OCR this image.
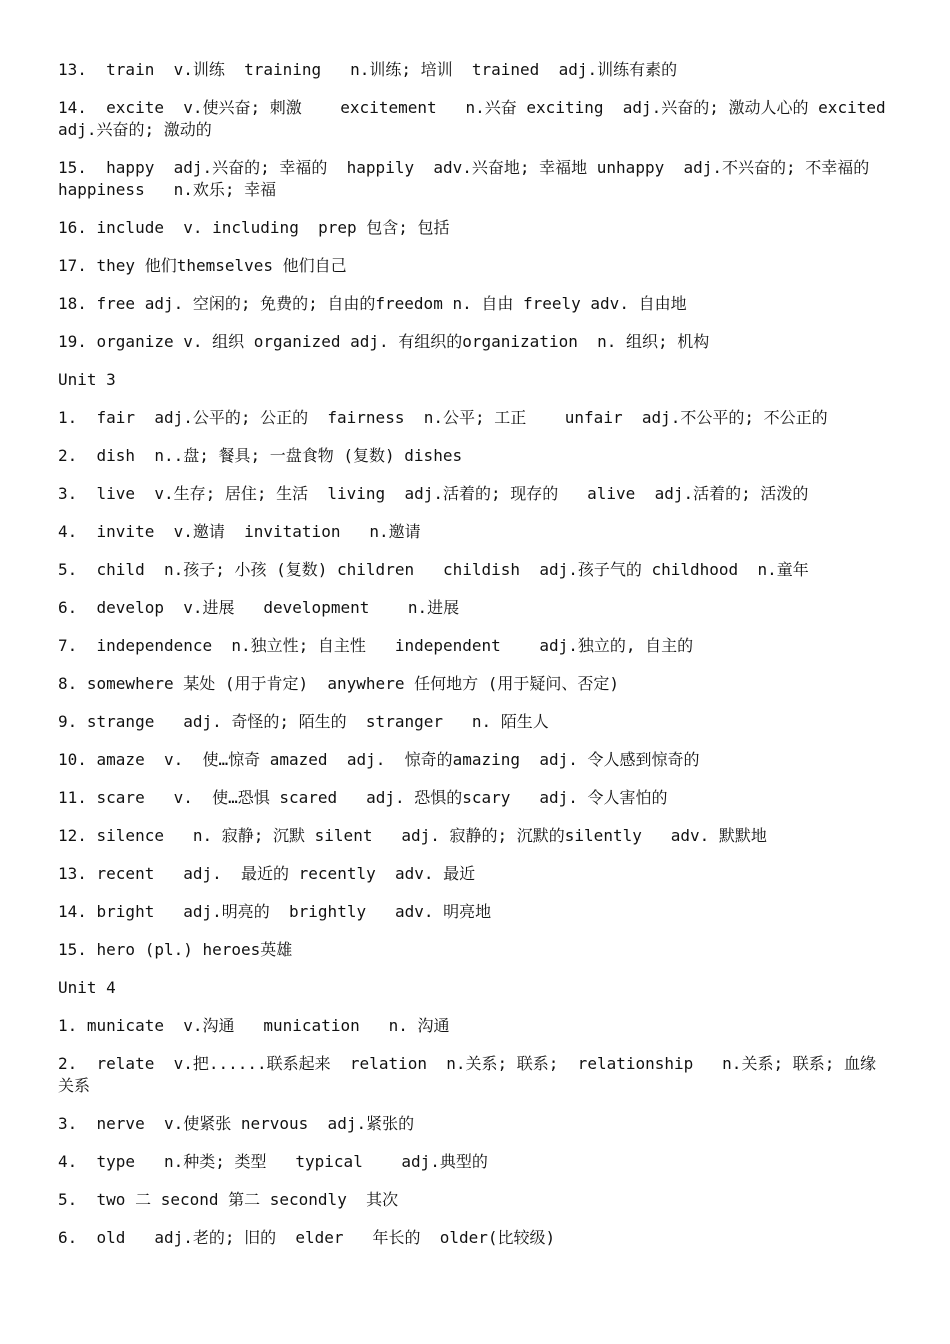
13.  train  v.训练  training   n.训练; 培训  trained  adj.训练有素的
14.  excite  v.使兴奋; 刺激    excitement   n.兴奋 exciting  adj.兴奋的; 激动人心的 excited  adj.兴奋的; 激动的
15.  happy  adj.兴奋的; 幸福的  happily  adv.兴奋地; 幸福地 unhappy  adj.不兴奋的; 不幸福的   happiness   n.欢乐; 幸福
16. include  v. including  prep 包含; 包括
17. they 他们themselves 他们自己
18. free adj. 空闲的; 免费的; 自由的freedom n. 自由 freely adv. 自由地
19. organize v. 组织 organized adj. 有组织的organization  n. 组织; 机构
Unit 3
1.  fair  adj.公平的; 公正的  fairness  n.公平; 工正    unfair  adj.不公平的; 不公正的
2.  dish  n..盘; 餐具; 一盘食物 (复数) dishes
3.  live  v.生存; 居住; 生活  living  adj.活着的; 现存的   alive  adj.活着的; 活泼的
4.  invite  v.邀请  invitation   n.邀请
5.  child  n.孩子; 小孩 (复数) children   childish  adj.孩子气的 childhood  n.童年
6.  develop  v.进展   development    n.进展
7.  independence  n.独立性; 自主性   independent    adj.独立的, 自主的
8. somewhere 某处 (用于肯定)  anywhere 任何地方 (用于疑问、否定)
9. strange   adj. 奇怪的; 陌生的  stranger   n. 陌生人
10. amaze  v.  使…惊奇 amazed  adj.  惊奇的amazing  adj. 令人感到惊奇的
11. scare   v.  使…恐惧 scared   adj. 恐惧的scary   adj. 令人害怕的
12. silence   n. 寂静; 沉默 silent   adj. 寂静的; 沉默的silently   adv. 默默地
13. recent   adj.  最近的 recently  adv. 最近
14. bright   adj.明亮的  brightly   adv. 明亮地
15. hero (pl.) heroes英雄
Unit 4
1. municate  v.沟通   munication   n. 沟通
2.  relate  v.把......联系起来  relation  n.关系; 联系;  relationship   n.关系; 联系; 血缘关系
3.  nerve  v.使紧张 nervous  adj.紧张的
4.  type   n.种类; 类型   typical    adj.典型的
5.  two 二 second 第二 secondly  其次
6.  old   adj.老的; 旧的  elder   年长的  older(比较级)
